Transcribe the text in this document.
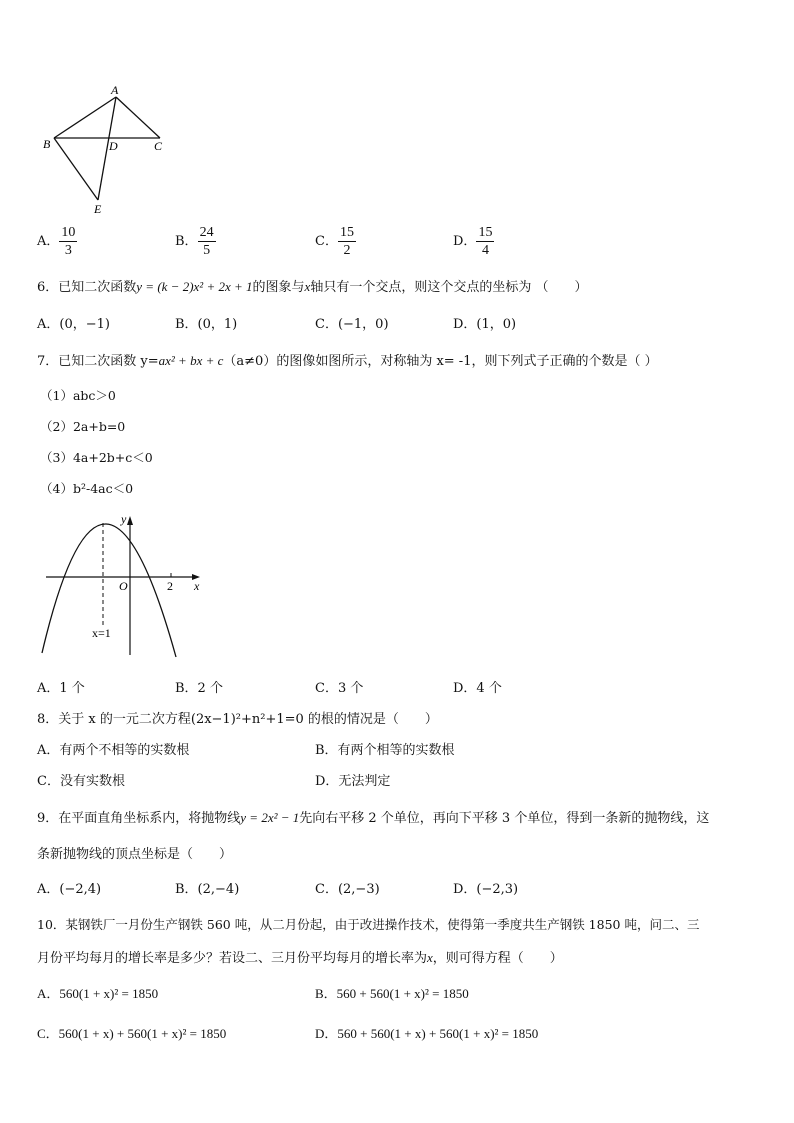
A
B	D	C
E
A． $\frac{10}{3}$	B． $\frac{24}{5}$	C． $\frac{15}{2}$	D． $\frac{15}{4}$
6．已知二次函数y = (k − 2)x² + 2x + 1的图象与x轴只有一个交点，则这个交点的坐标为 （　　）
A．(0，−1)	B．(0，1)	C．(−1，0)	D．(1，0)
7．已知二次函数 y=ax² + bx + c（a≠0）的图像如图所示，对称轴为 x= -1，则下列式子正确的个数是（ ）
（1）abc＞0
（2）2a+b=0
（3）4a+2b+c＜0
（4）b²-4ac＜0
y
O	2 x
x=1
A．1 个	B．2 个	C．3 个	D．4 个
8．关于 x 的一元二次方程(2x−1)²+n²+1=0 的根的情况是（　　）
A．有两个不相等的实数根	B．有两个相等的实数根
C．没有实数根	D．无法判定
9．在平面直角坐标系内，将抛物线y = 2x² − 1先向右平移 2 个单位，再向下平移 3 个单位，得到一条新的抛物线，这
条新抛物线的顶点坐标是（　　）
A．(−2,4)	B．(2,−4)	C．(2,−3)	D．(−2,3)
10．某钢铁厂一月份生产钢铁 560 吨，从二月份起，由于改进操作技术，使得第一季度共生产钢铁 1850 吨，问二、三
月份平均每月的增长率是多少？若设二、三月份平均每月的增长率为x，则可得方程（　　）
A．560(1 + x)² = 1850	B．560 + 560(1 + x)² = 1850
C．560(1 + x) + 560(1 + x)² = 1850	D．560 + 560(1 + x) + 560(1 + x)² = 1850
